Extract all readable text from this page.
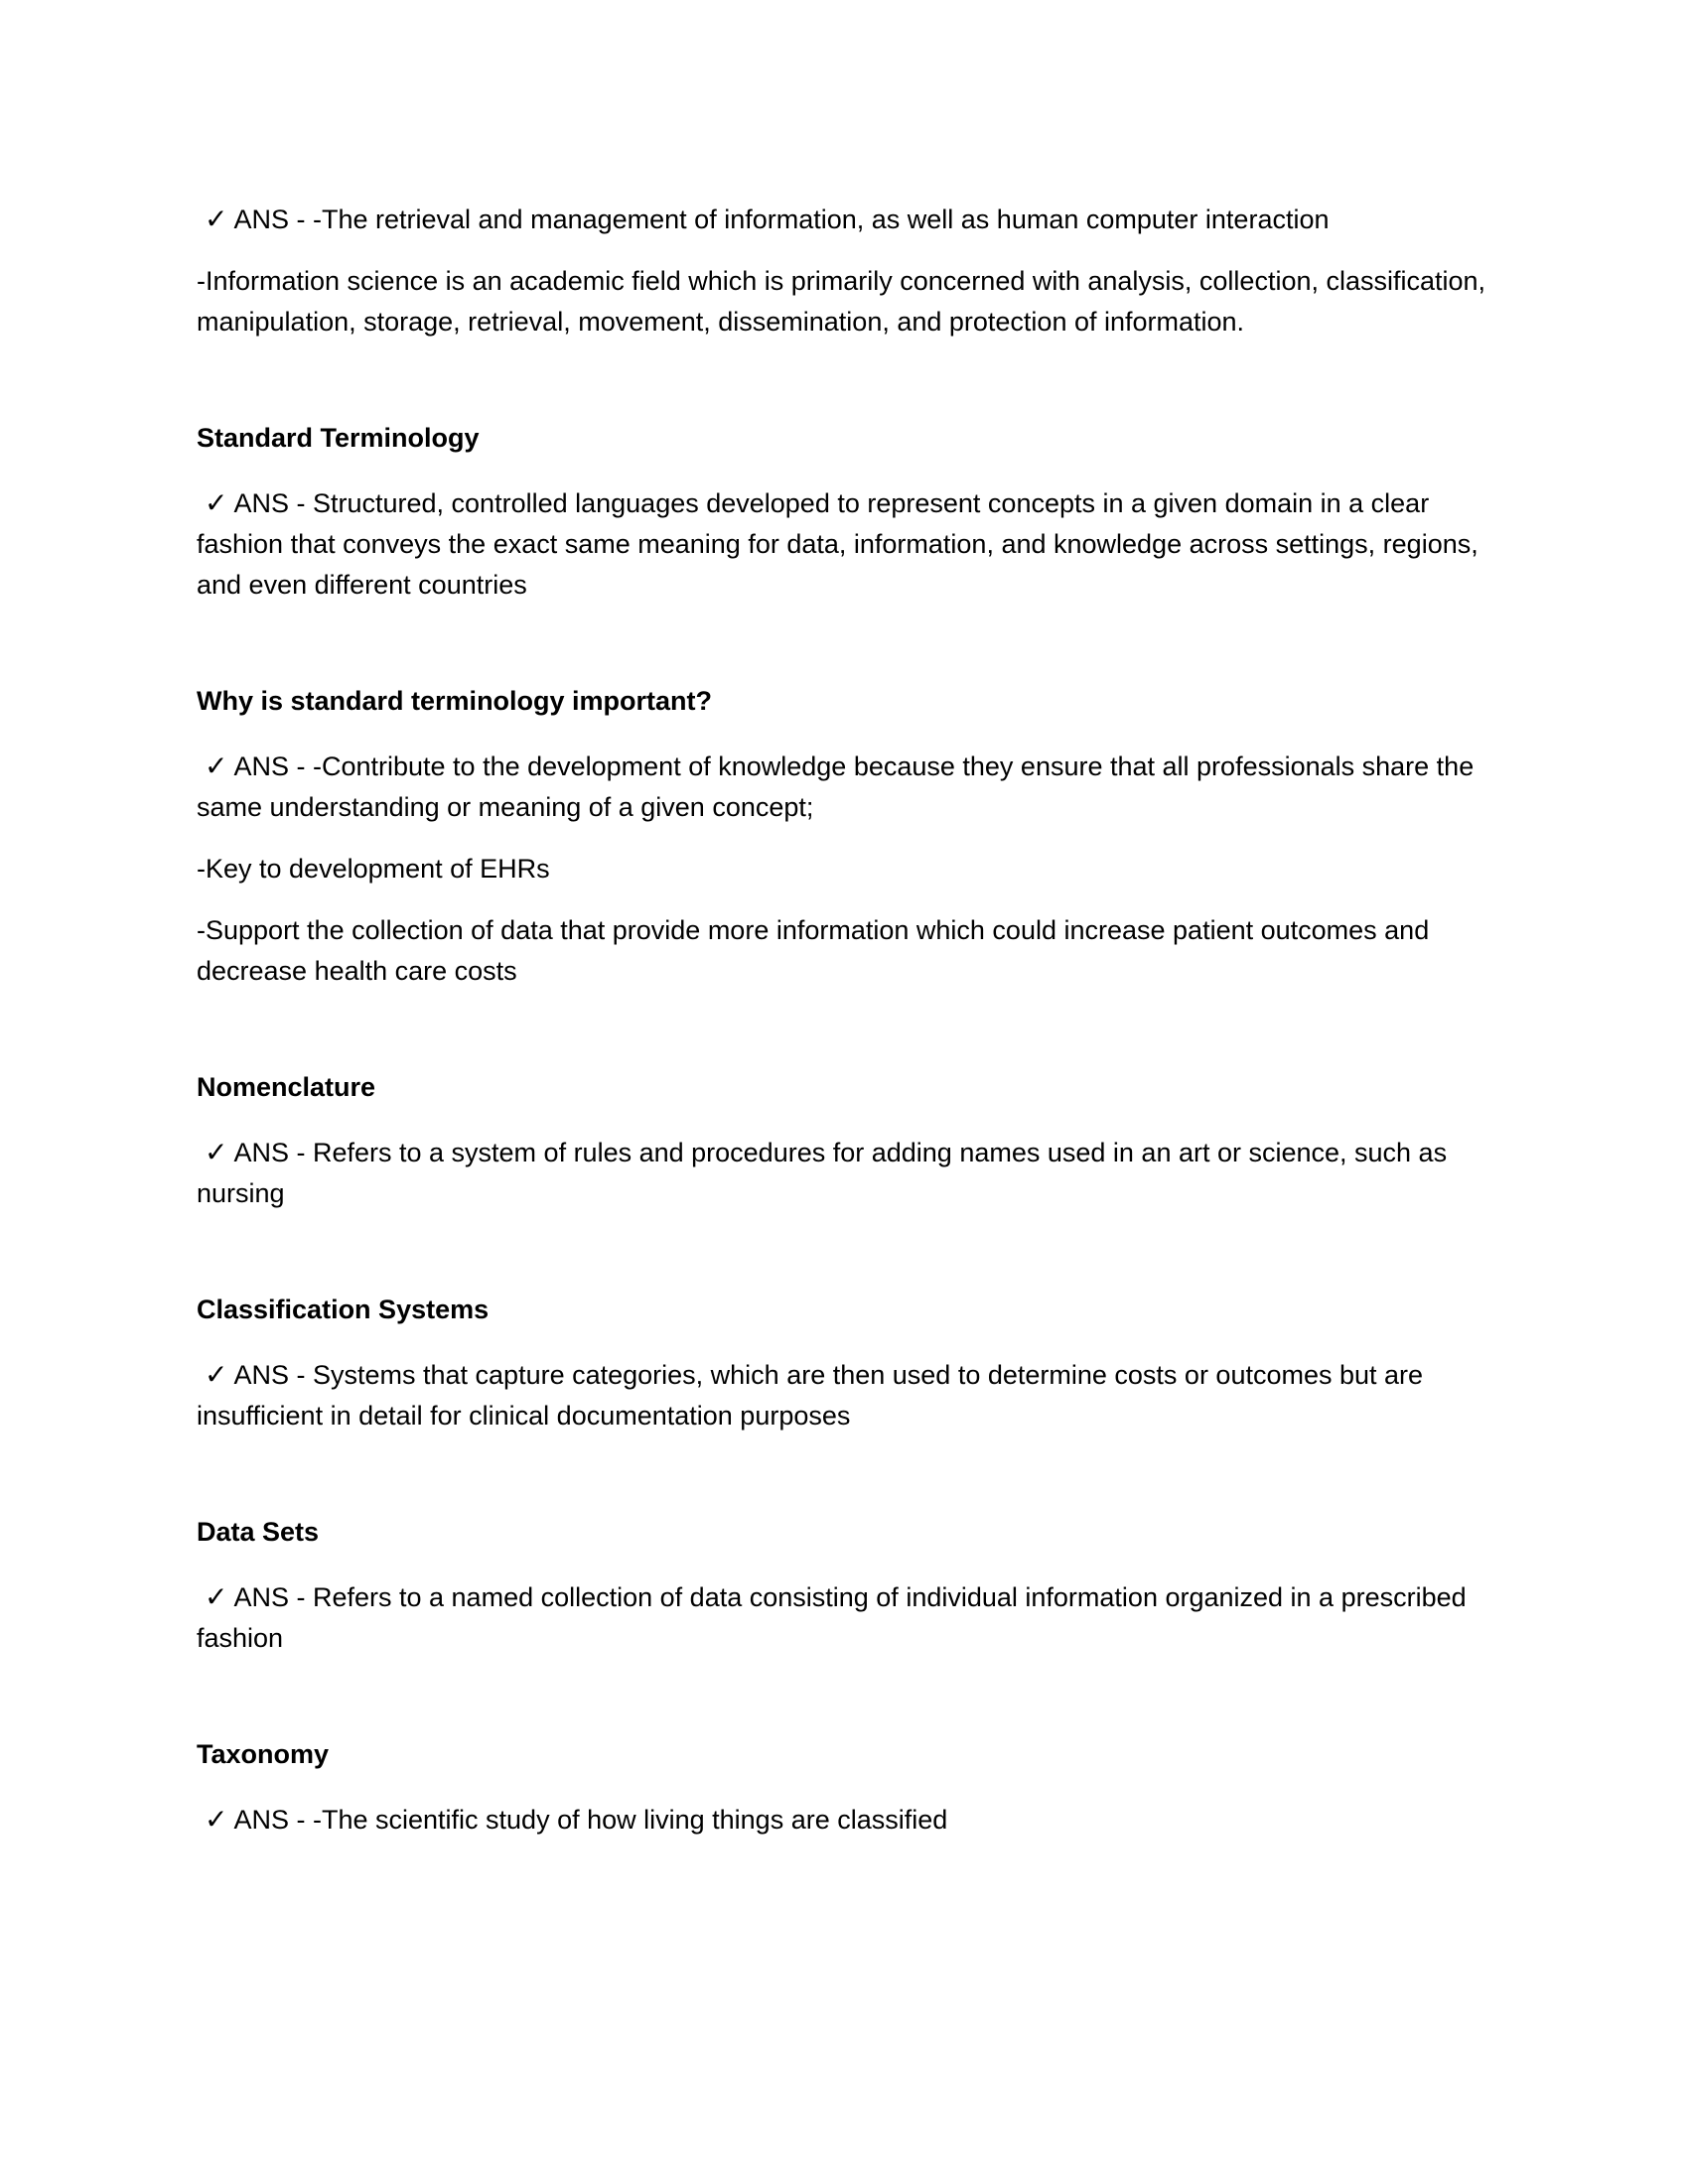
✓ ANS - -The retrieval and management of information, as well as human computer interaction

-Information science is an academic field which is primarily concerned with analysis, collection, classification, manipulation, storage, retrieval, movement, dissemination, and protection of information.

Standard Terminology

✓ ANS - Structured, controlled languages developed to represent concepts in a given domain in a clear fashion that conveys the exact same meaning for data, information, and knowledge across settings, regions, and even different countries

Why is standard terminology important?

✓ ANS - -Contribute to the development of knowledge because they ensure that all professionals share the same understanding or meaning of a given concept;

-Key to development of EHRs

-Support the collection of data that provide more information which could increase patient outcomes and decrease health care costs

Nomenclature

✓ ANS - Refers to a system of rules and procedures for adding names used in an art or science, such as nursing

Classification Systems

✓ ANS - Systems that capture categories, which are then used to determine costs or outcomes but are insufficient in detail for clinical documentation purposes

Data Sets

✓ ANS - Refers to a named collection of data consisting of individual information organized in a prescribed fashion

Taxonomy

✓ ANS - -The scientific study of how living things are classified
